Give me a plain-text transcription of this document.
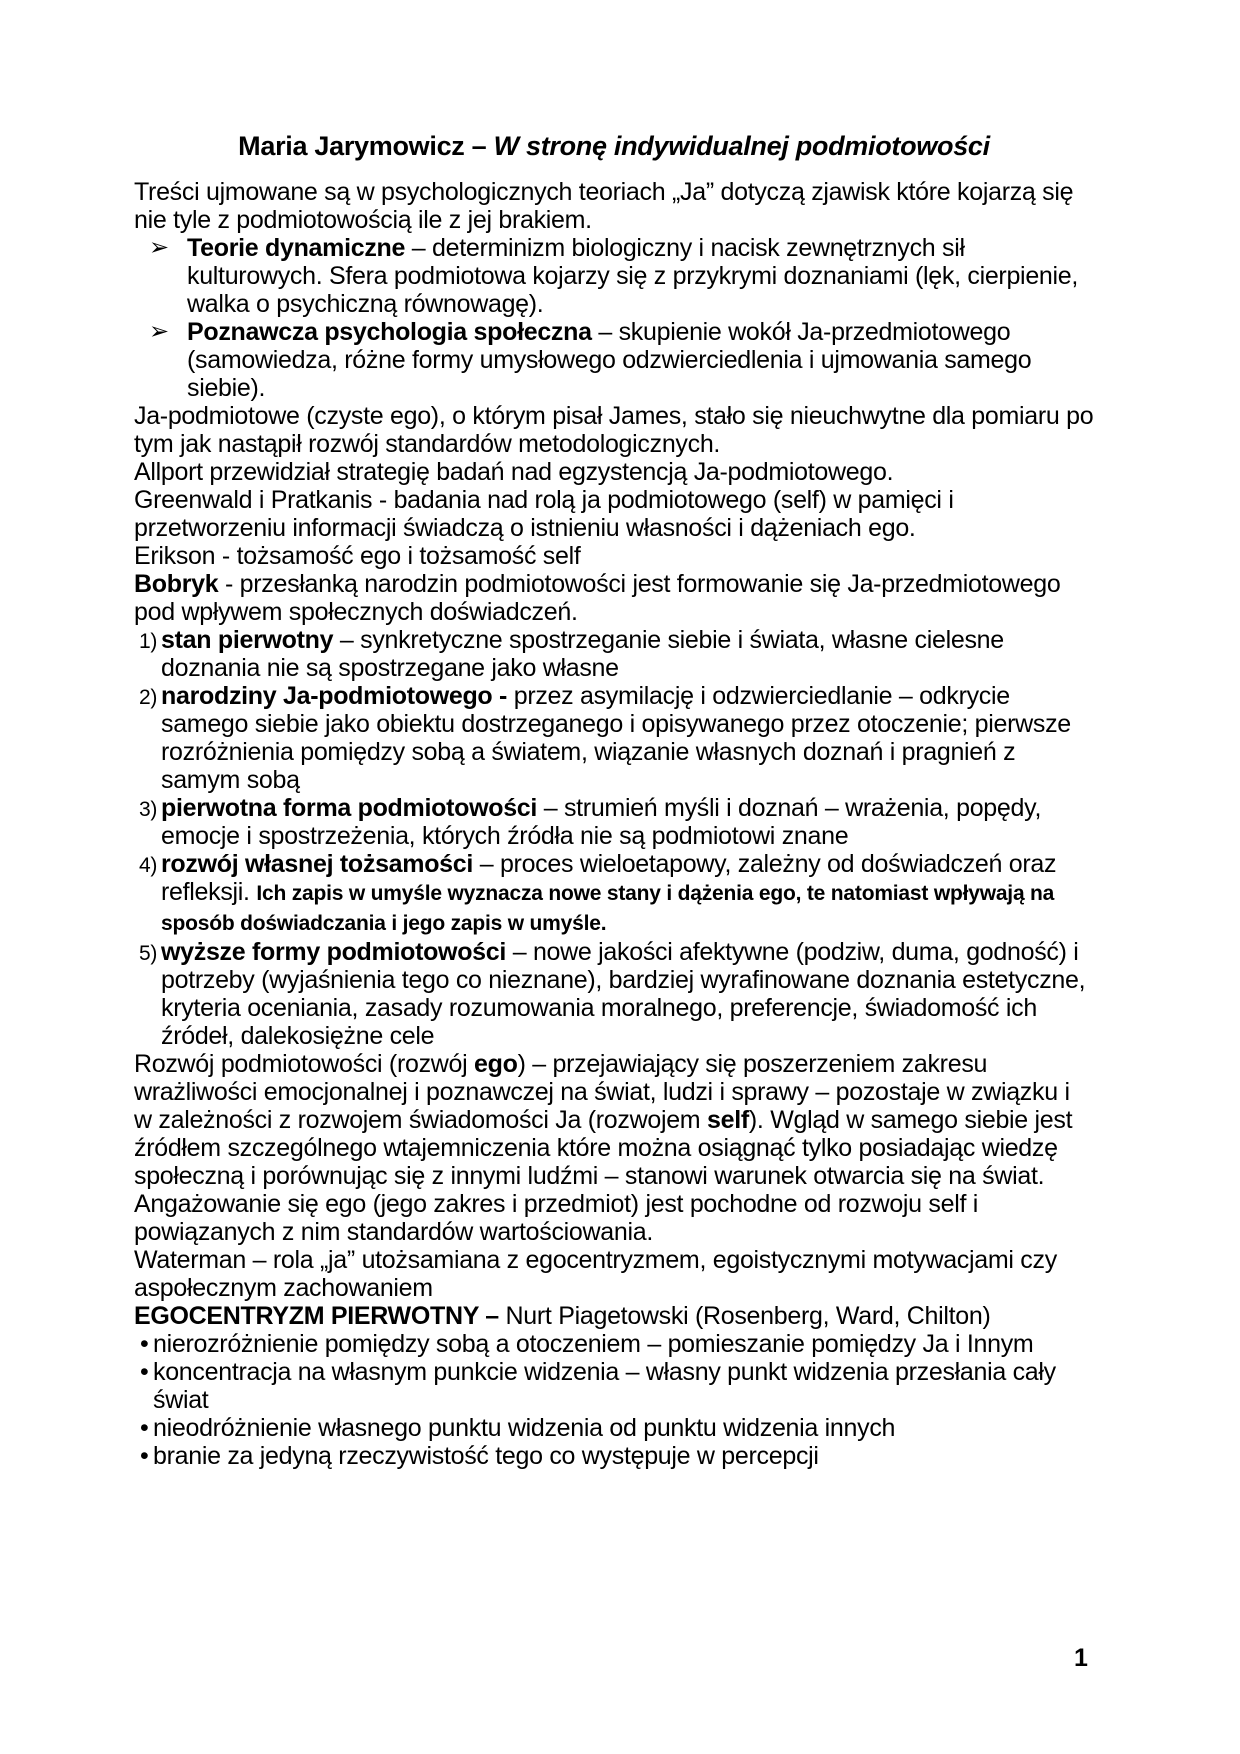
Maria Jarymowicz – W stronę indywidualnej podmiotowości

Treści ujmowane są w psychologicznych teoriach „Ja” dotyczą zjawisk które kojarzą się nie tyle z podmiotowością ile z jej brakiem.

➢ Teorie dynamiczne – determinizm biologiczny i nacisk zewnętrznych sił kulturowych. Sfera podmiotowa kojarzy się z przykrymi doznaniami (lęk, cierpienie, walka o psychiczną równowagę).
➢ Poznawcza psychologia społeczna – skupienie wokół Ja-przedmiotowego (samowiedza, różne formy umysłowego odzwierciedlenia i ujmowania samego siebie).

Ja-podmiotowe (czyste ego), o którym pisał James, stało się nieuchwytne dla pomiaru po tym jak nastąpił rozwój standardów metodologicznych.

Allport przewidział strategię badań nad egzystencją Ja-podmiotowego.

Greenwald i Pratkanis - badania nad rolą ja podmiotowego (self) w pamięci i przetworzeniu informacji świadczą o istnieniu własności i dążeniach ego.

Erikson - tożsamość ego i tożsamość self

Bobryk - przesłanką narodzin podmiotowości jest formowanie się Ja-przedmiotowego pod wpływem społecznych doświadczeń.

1) stan pierwotny – synkretyczne spostrzeganie siebie i świata, własne cielesne doznania nie są spostrzegane jako własne
2) narodziny Ja-podmiotowego - przez asymilację i odzwierciedlanie – odkrycie samego siebie jako obiektu dostrzeganego i opisywanego przez otoczenie; pierwsze rozróżnienia pomiędzy sobą a światem, wiązanie własnych doznań i pragnień z samym sobą
3) pierwotna forma podmiotowości – strumień myśli i doznań – wrażenia, popędy, emocje i spostrzeżenia, których źródła nie są podmiotowi znane
4) rozwój własnej tożsamości – proces wieloetapowy, zależny od doświadczeń oraz refleksji. Ich zapis w umyśle wyznacza nowe stany i dążenia ego, te natomiast wpływają na sposób doświadczania i jego zapis w umyśle.
5) wyższe formy podmiotowości – nowe jakości afektywne (podziw, duma, godność) i potrzeby (wyjaśnienia tego co nieznane), bardziej wyrafinowane doznania estetyczne, kryteria oceniania, zasady rozumowania moralnego, preferencje, świadomość ich źródeł, dalekosiężne cele

Rozwój podmiotowości (rozwój ego) – przejawiający się poszerzeniem zakresu wrażliwości emocjonalnej i poznawczej na świat, ludzi i sprawy – pozostaje w związku i w zależności z rozwojem świadomości Ja (rozwojem self). Wgląd w samego siebie jest źródłem szczególnego wtajemniczenia które można osiągnąć tylko posiadając wiedzę społeczną i porównując się z innymi ludźmi – stanowi warunek otwarcia się na świat. Angażowanie się ego (jego zakres i przedmiot) jest pochodne od rozwoju self i powiązanych z nim standardów wartościowania.

Waterman – rola „ja” utożsamiana z egocentryzmem, egoistycznymi motywacjami czy aspołecznym zachowaniem

EGOCENTRYZM PIERWOTNY – Nurt Piagetowski (Rosenberg, Ward, Chilton)

• nierozróżnienie pomiędzy sobą a otoczeniem – pomieszanie pomiędzy Ja i Innym
• koncentracja na własnym punkcie widzenia – własny punkt widzenia przesłania cały świat
• nieodróżnienie własnego punktu widzenia od punktu widzenia innych
• branie za jedyną rzeczywistość tego co występuje w percepcji
1
